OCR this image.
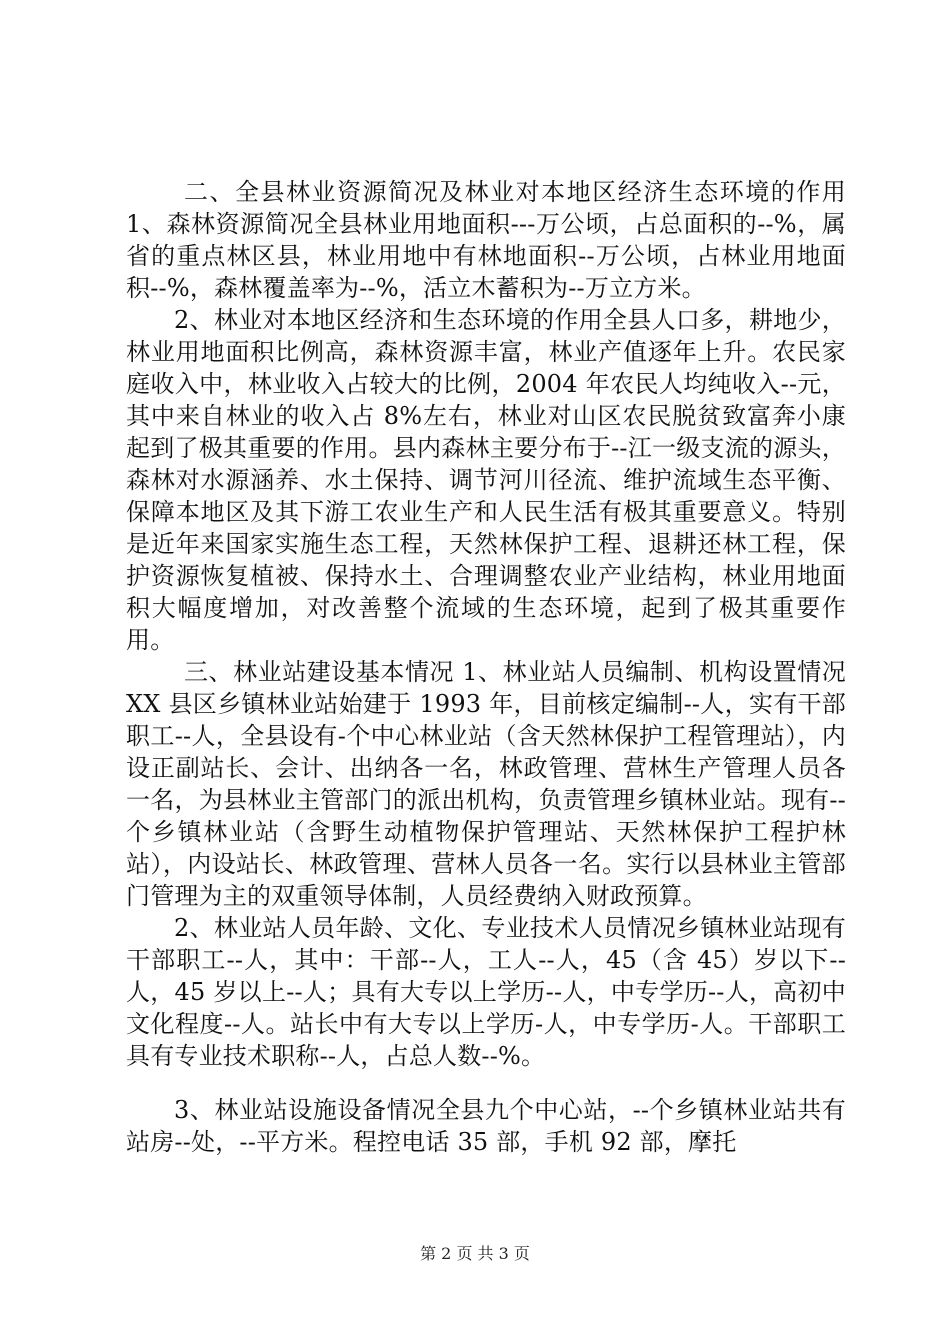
二、全县林业资源简况及林业对本地区经济生态环境的作用 1、森林资源简况全县林业用地面积---万公顷，占总面积的--%，属省的重点林区县，林业用地中有林地面积--万公顷，占林业用地面积--%，森林覆盖率为--%，活立木蓄积为--万立方米。

2、林业对本地区经济和生态环境的作用全县人口多，耕地少，林业用地面积比例高，森林资源丰富，林业产值逐年上升。农民家庭收入中，林业收入占较大的比例，2004 年农民人均纯收入--元，其中来自林业的收入占 8%左右，林业对山区农民脱贫致富奔小康起到了极其重要的作用。县内森林主要分布于--江一级支流的源头，森林对水源涵养、水土保持、调节河川径流、维护流域生态平衡、保障本地区及其下游工农业生产和人民生活有极其重要意义。特别是近年来国家实施生态工程，天然林保护工程、退耕还林工程，保护资源恢复植被、保持水土、合理调整农业产业结构，林业用地面积大幅度增加，对改善整个流域的生态环境，起到了极其重要作用。

三、林业站建设基本情况 1、林业站人员编制、机构设置情况 XX 县区乡镇林业站始建于 1993 年，目前核定编制--人，实有干部职工--人，全县设有-个中心林业站（含天然林保护工程管理站），内设正副站长、会计、出纳各一名，林政管理、营林生产管理人员各一名，为县林业主管部门的派出机构，负责管理乡镇林业站。现有--个乡镇林业站（含野生动植物保护管理站、天然林保护工程护林站），内设站长、林政管理、营林人员各一名。实行以县林业主管部门管理为主的双重领导体制，人员经费纳入财政预算。

2、林业站人员年龄、文化、专业技术人员情况乡镇林业站现有干部职工--人，其中：干部--人，工人--人，45（含 45）岁以下--人，45 岁以上--人；具有大专以上学历--人，中专学历--人，高初中文化程度--人。站长中有大专以上学历-人，中专学历-人。干部职工具有专业技术职称--人，占总人数--%。

3、林业站设施设备情况全县九个中心站，--个乡镇林业站共有站房--处，--平方米。程控电话 35 部，手机 92 部，摩托

第 2 页 共 3 页
